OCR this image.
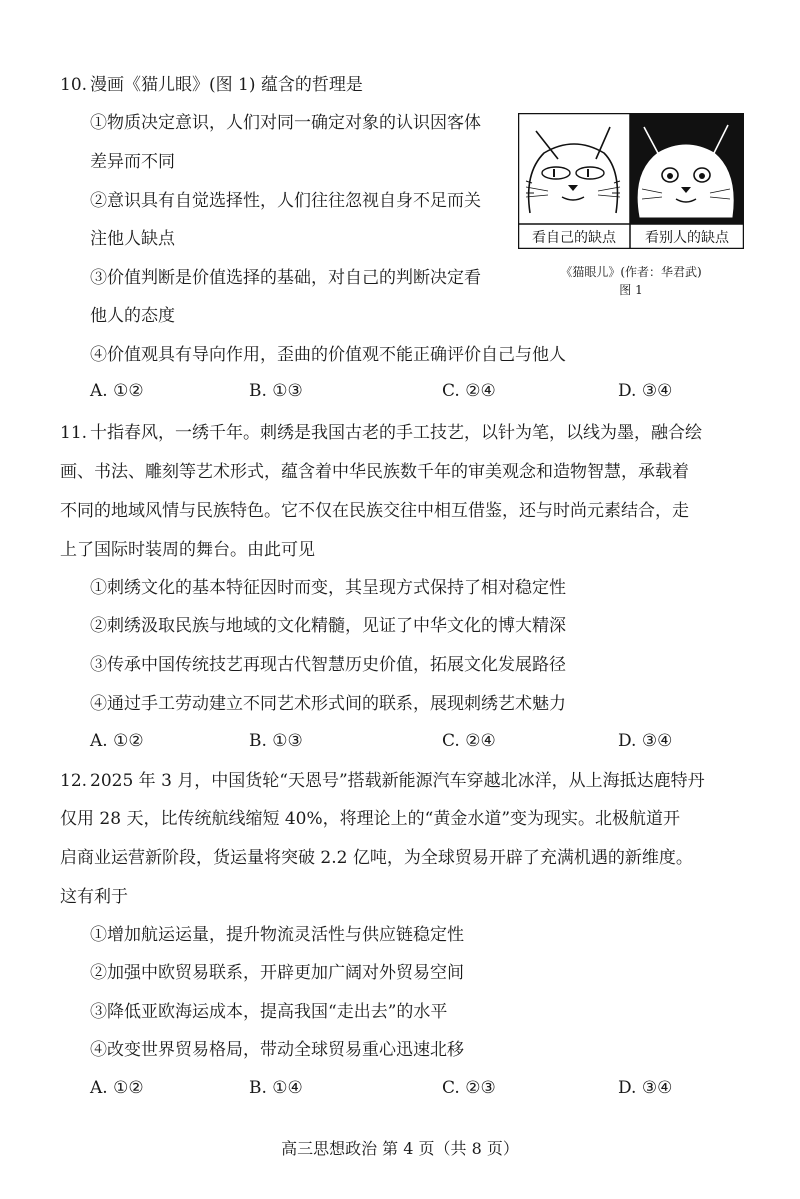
10. 漫画《猫儿眼》(图 1) 蕴含的哲理是
①物质决定意识，人们对同一确定对象的认识因客体
差异而不同
②意识具有自觉选择性，人们往往忽视自身不足而关
注他人缺点
③价值判断是价值选择的基础，对自己的判断决定看
他人的态度
④价值观具有导向作用，歪曲的价值观不能正确评价自己与他人
A. ①②	B. ①③	C. ②④	D. ③④
看自己的缺点 看别人的缺点
《猫眼儿》(作者：华君武)
图 1
11. 十指春风，一绣千年。刺绣是我国古老的手工技艺，以针为笔，以线为墨，融合绘
画、书法、雕刻等艺术形式，蕴含着中华民族数千年的审美观念和造物智慧，承载着
不同的地域风情与民族特色。它不仅在民族交往中相互借鉴，还与时尚元素结合，走
上了国际时装周的舞台。由此可见
①刺绣文化的基本特征因时而变，其呈现方式保持了相对稳定性
②刺绣汲取民族与地域的文化精髓，见证了中华文化的博大精深
③传承中国传统技艺再现古代智慧历史价值，拓展文化发展路径
④通过手工劳动建立不同艺术形式间的联系，展现刺绣艺术魅力
A. ①②	B. ①③	C. ②④	D. ③④
12. 2025 年 3 月，中国货轮“天恩号”搭载新能源汽车穿越北冰洋，从上海抵达鹿特丹
仅用 28 天，比传统航线缩短 40%，将理论上的“黄金水道”变为现实。北极航道开
启商业运营新阶段，货运量将突破 2.2 亿吨，为全球贸易开辟了充满机遇的新维度。
这有利于
①增加航运运量，提升物流灵活性与供应链稳定性
②加强中欧贸易联系，开辟更加广阔对外贸易空间
③降低亚欧海运成本，提高我国“走出去”的水平
④改变世界贸易格局，带动全球贸易重心迅速北移
A. ①②	B. ①④	C. ②③	D. ③④
高三思想政治 第 4 页（共 8 页）
